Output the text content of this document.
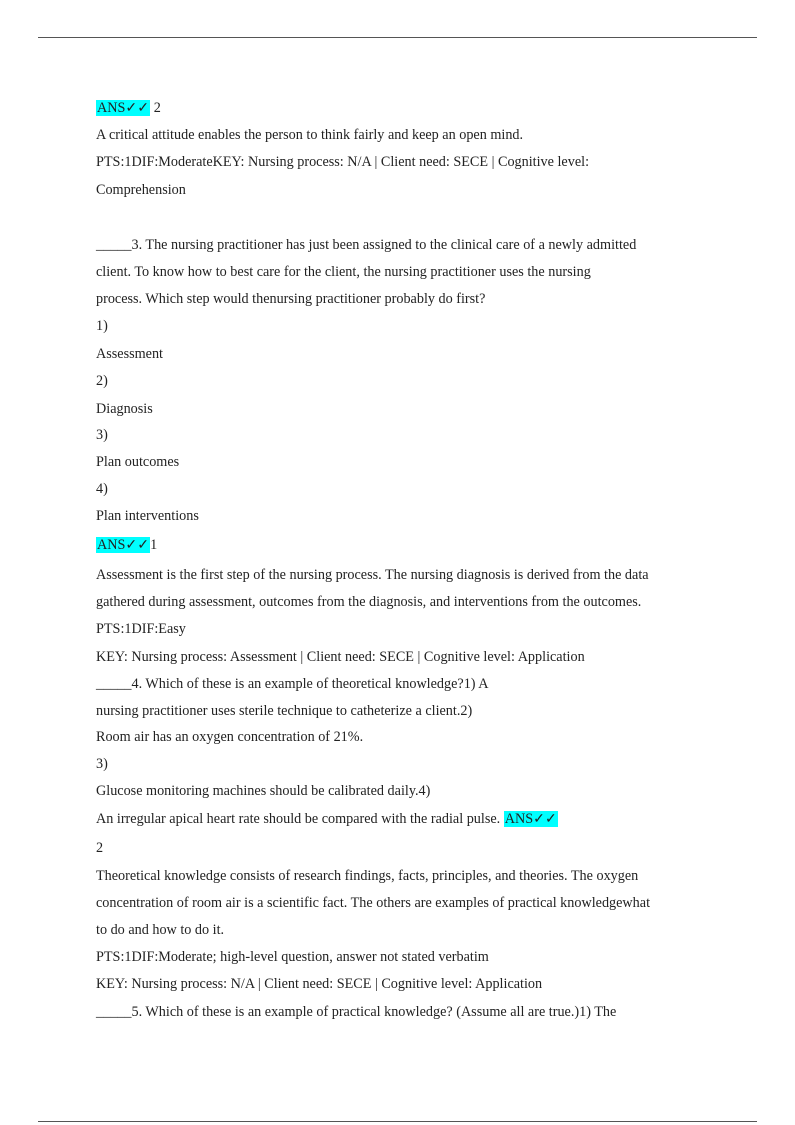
ANS✓✓ 2
A critical attitude enables the person to think fairly and keep an open mind.
PTS:1DIF:ModerateKEY: Nursing process: N/A | Client need: SECE | Cognitive level:
Comprehension
_____3. The nursing practitioner has just been assigned to the clinical care of a newly admitted
client. To know how to best care for the client, the nursing practitioner uses the nursing
process. Which step would thenursing practitioner probably do first?
1)
Assessment
2)
Diagnosis
3)
Plan outcomes
4)
Plan interventions
ANS✓✓1
Assessment is the first step of the nursing process. The nursing diagnosis is derived from the data
gathered during assessment, outcomes from the diagnosis, and interventions from the outcomes.
PTS:1DIF:Easy
KEY: Nursing process: Assessment | Client need: SECE | Cognitive level: Application
_____4. Which of these is an example of theoretical knowledge?1) A
nursing practitioner uses sterile technique to catheterize a client.2)
Room air has an oxygen concentration of 21%.
3)
Glucose monitoring machines should be calibrated daily.4)
An irregular apical heart rate should be compared with the radial pulse. ANS✓✓
2
Theoretical knowledge consists of research findings, facts, principles, and theories. The oxygen
concentration of room air is a scientific fact. The others are examples of practical knowledgewhat
to do and how to do it.
PTS:1DIF:Moderate; high-level question, answer not stated verbatim
KEY: Nursing process: N/A | Client need: SECE | Cognitive level: Application
_____5. Which of these is an example of practical knowledge? (Assume all are true.)1) The
